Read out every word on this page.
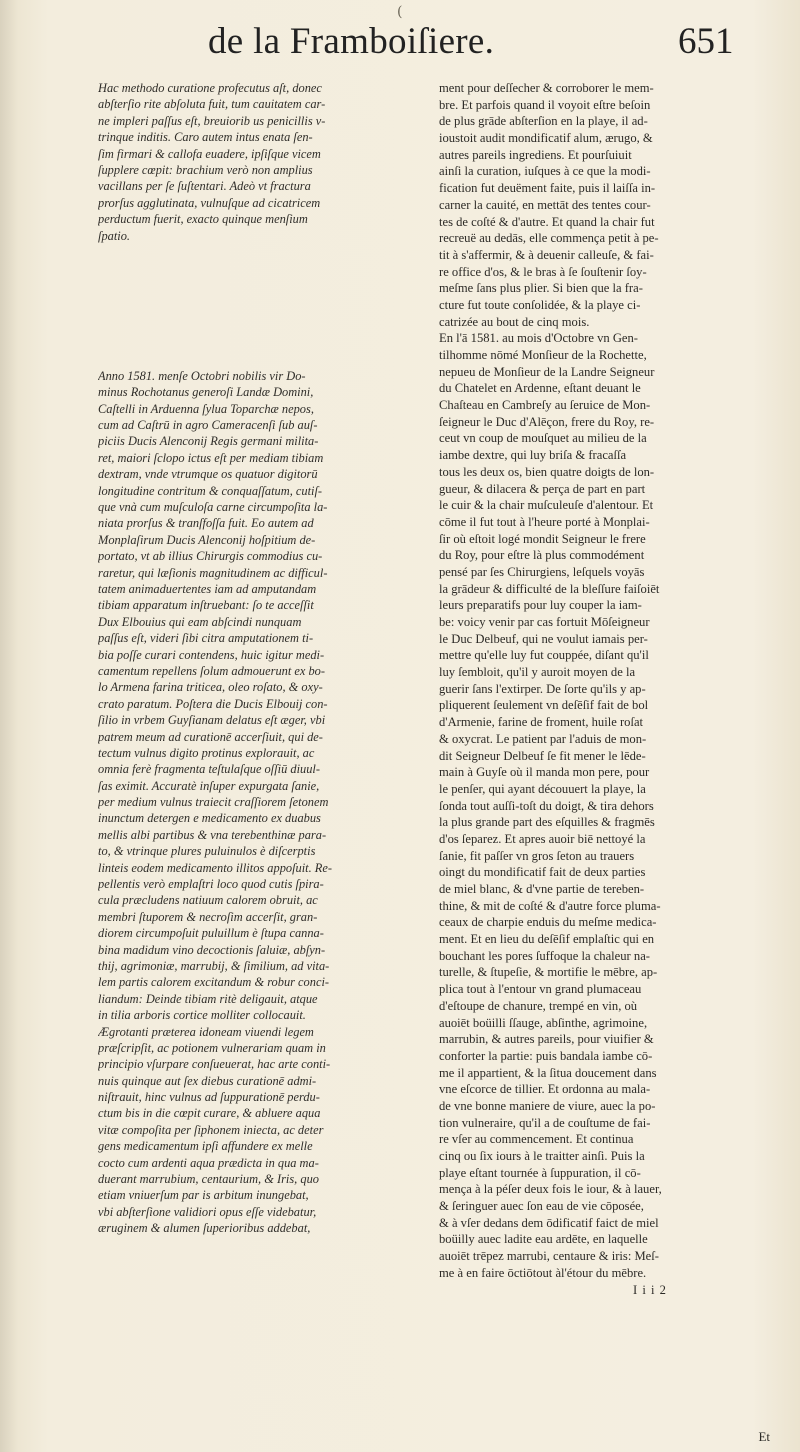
(
de la Framboiſiere.	651
Hac methodo curatione profecutus aſt, donec
abſterſio rite abſoluta fuit, tum cauitatem car-
ne impleri paſſus eſt, breuiorib us penicillis v-
trinque inditis. Caro autem intus enata ſen-
ſim firmari & callofa euadere, ipſiſque vicem
ſupplere cœpit: brachium verò non amplius
vacillans per ſe ſuſtentari. Adeò vt fractura
prorſus agglutinata, vulnuſque ad cicatricem
perductum fuerit, exacto quinque menſium
ſpatio.
Anno 1581. menſe Octobri nobilis vir Do-
minus Rochotanus generoſi Landæ Domini,
Caſtelli in Arduenna ſylua Toparchæ nepos,
cum ad Caſtrū in agro Cameracenſi ſub auſ-
piciis Ducis Alenconij Regis germani milita-
ret, maiori ſclopo ictus eſt per mediam tibiam
dextram, vnde vtrumque os quatuor digitorū
longitudine contritum & conquaſſatum, cutiſ-
que vnà cum muſculoſa carne circumpoſita la-
niata prorſus & tranſfoſſa fuit. Eo autem ad
Monplaſirum Ducis Alenconij hoſpitium de-
portato, vt ab illius Chirurgis commodius cu-
raretur, qui læſionis magnitudinem ac difficul-
tatem animaduertentes iam ad amputandam
tibiam apparatum inſtruebant: ſo te acceſſit
Dux Elbouius qui eam abſcindi nunquam
paſſus eſt, videri ſibi citra amputationem ti-
bia poſſe curari contendens, huic igitur medi-
camentum repellens ſolum admouerunt ex bo-
lo Armena farina triticea, oleo roſato, & oxy-
crato paratum. Poſtera die Ducis Elbouij con-
ſilio in vrbem Guyſianam delatus eſt æger, vbi
patrem meum ad curationē accerſiuit, qui de-
tectum vulnus digito protinus explorauit, ac
omnia ferè fragmenta teſtulaſque oſſiū diuul-
ſas eximit. Accuratè inſuper expurgata ſanie,
per medium vulnus traiecit craſſiorem ſetonem
inunctum detergen e medicamento ex duabus
mellis albi partibus & vna terebenthinæ para-
to, & vtrinque plures puluinulos è diſcerptis
linteis eodem medicamento illitos appoſuit. Re-
pellentis verò emplaſtri loco quod cutis ſpira-
cula præcludens natiuum calorem obruit, ac
membri ſtuporem & necroſim accerſit, gran-
diorem circumpoſuit puluillum è ſtupa canna-
bina madidum vino decoctionis ſaluiæ, abſyn-
thij, agrimoniæ, marrubij, & ſimilium, ad vita-
lem partis calorem excitandum & robur conci-
liandum: Deinde tibiam ritè deligauit, atque
in tilia arboris cortice molliter collocauit.
Ægrotanti præterea idoneam viuendi legem
præſcripſit, ac potionem vulnerariam quam in
principio vſurpare conſueuerat, hac arte conti-
nuis quinque aut ſex diebus curationē admi-
niſtrauit, hinc vulnus ad ſuppurationē perdu-
ctum bis in die cœpit curare, & abluere aqua
vitæ compoſita per ſiphonem iniecta, ac deter
gens medicamentum ipſi affundere ex melle
cocto cum ardenti aqua prædicta in qua ma-
duerant marrubium, centaurium, & Iris, quo
etiam vniuerſum par is arbitum inungebat,
vbi abſterſione validiori opus eſſe videbatur,
æruginem & alumen ſuperioribus addebat,
ment pour deſſecher & corroborer le mem-
bre. Et parfois quand il voyoit eſtre beſoin
de plus grāde abſterſion en la playe, il ad-
ioustoit audit mondificatif alum, ærugo, &
autres pareils ingrediens. Et pourſuiuit
ainſi la curation, iuſques à ce que la modi-
fication fut deuëment faite, puis il laiſſa in-
carner la cauité, en mettāt des tentes cour-
tes de coſté & d'autre. Et quand la chair fut
recreuë au dedās, elle commença petit à pe-
tit à s'affermir, & à deuenir calleuſe, & fai-
re office d'os, & le bras à ſe ſouſtenir ſoy-
meſme ſans plus plier. Si bien que la fra-
cture fut toute conſolidée, & la playe ci-
catrizée au bout de cinq mois.
En l'ā 1581. au mois d'Octobre vn Gen-
tilhomme nōmé Monſieur de la Rochette,
nepueu de Monſieur de la Landre Seigneur
du Chatelet en Ardenne, eſtant deuant le
Chaſteau en Cambreſy au ſeruice de Mon-
ſeigneur le Duc d'Alēçon, frere du Roy, re-
ceut vn coup de mouſquet au milieu de la
iambe dextre, qui luy briſa & fracaſſa
tous les deux os, bien quatre doigts de lon-
gueur, & dilacera & perça de part en part
le cuir & la chair muſculeuſe d'alentour. Et
cōme il fut tout à l'heure porté à Monplai-
ſir où eſtoit logé mondit Seigneur le frere
du Roy, pour eſtre là plus commodément
pensé par ſes Chirurgiens, leſquels voyās
la grādeur & difficulté de la bleſſure faiſoiēt
leurs preparatifs pour luy couper la iam-
be: voicy venir par cas fortuit Mōſeigneur
le Duc Delbeuf, qui ne voulut iamais per-
mettre qu'elle luy fut couppée, diſant qu'il
luy ſembloit, qu'il y auroit moyen de la
guerir ſans l'extirper. De ſorte qu'ils y ap-
pliquerent ſeulement vn deſēſif fait de bol
d'Armenie, farine de froment, huile roſat
& oxycrat. Le patient par l'aduis de mon-
dit Seigneur Delbeuf ſe fit mener le lēde-
main à Guyſe où il manda mon pere, pour
le penſer, qui ayant découuert la playe, la
ſonda tout auſſi-toſt du doigt, & tira dehors
la plus grande part des eſquilles & fragmēs
d'os ſeparez. Et apres auoir biē nettoyé la
ſanie, fit paſſer vn gros ſeton au trauers
oingt du mondificatif fait de deux parties
de miel blanc, & d'vne partie de tereben-
thine, & mit de coſté & d'autre force pluma-
ceaux de charpie enduis du meſme medica-
ment. Et en lieu du deſēſif emplaſtic qui en
bouchant les pores ſuffoque la chaleur na-
turelle, & ſtupeſie, & mortifie le mēbre, ap-
plica tout à l'entour vn grand plumaceau
d'eſtoupe de chanure, trempé en vin, où
auoiēt boüilli ſſauge, abſinthe, agrimoine,
marrubin, & autres pareils, pour viuifier &
conforter la partie: puis bandala iambe cō-
me il appartient, & la ſitua doucement dans
vne eſcorce de tillier. Et ordonna au mala-
de vne bonne maniere de viure, auec la po-
tion vulneraire, qu'il a de couſtume de fai-
re vſer au commencement. Et continua
cinq ou ſix iours à le traitter ainſi. Puis la
playe eſtant tournée à ſuppuration, il cō-
mença à la péſer deux fois le iour, & à lauer,
& ſeringuer auec ſon eau de vie cōposée,
& à vſer dedans dem ōdificatif faict de miel
boüilly auec ladite eau ardēte, en laquelle
auoiēt trēpez marrubi, centaure & iris: Meſ-
me à en faire ōctiōtout àl'étour du mēbre.
I i i 2
Et
